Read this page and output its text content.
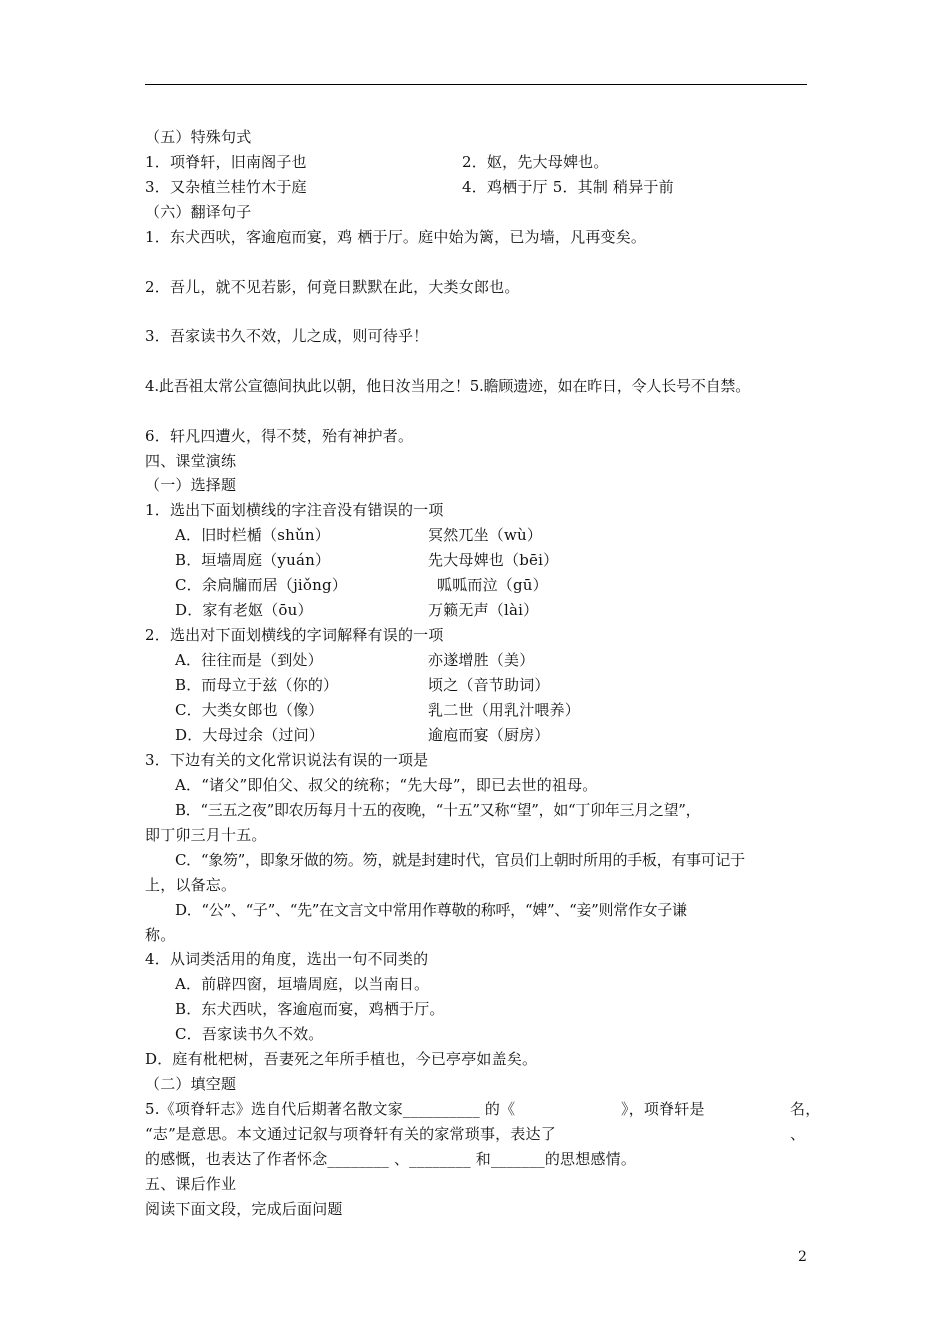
（五）特殊句式
1．项脊轩，旧南阁子也	2．妪，先大母婢也。
3．又杂植兰桂竹木于庭	4．鸡栖于厅 5．其制 稍异于前
（六）翻译句子
1．东犬西吠，客逾庖而宴，鸡 栖于厅。庭中始为篱，已为墙，凡再变矣。
2．吾儿，就不见若影，何竟日默默在此，大类女郎也。
3．吾家读书久不效，儿之成，则可待乎！
4.此吾祖太常公宣德间执此以朝，他日汝当用之！5.瞻顾遗迹，如在昨日，令人长号不自禁。
6．轩凡四遭火，得不焚，殆有神护者。
四、课堂演练
（一）选择题
1．选出下面划横线的字注音没有错误的一项
A．旧时栏楯（shǔn）	冥然兀坐（wù）
B．垣墙周庭（yuán）	先大母婢也（bēi）
C．余扃牖而居（jiǒng）	呱呱而泣（gū）
D．家有老妪（ōu）	万籁无声（lài）
2．选出对下面划横线的字词解释有误的一项
A．往往而是（到处）	亦遂增胜（美）
B．而母立于兹（你的）	顷之（音节助词）
C．大类女郎也（像）	乳二世（用乳汁喂养）
D．大母过余（过问）	逾庖而宴（厨房）
3．下边有关的文化常识说法有误的一项是
A．“诸父”即伯父、叔父的统称；“先大母”，即已去世的祖母。
B．“三五之夜”即农历每月十五的夜晚，“十五”又称“望”，如“丁卯年三月之望”，
即丁卯三月十五。
C．“象笏”，即象牙做的笏。笏，就是封建时代，官员们上朝时所用的手板，有事可记于
上，以备忘。
D．“公”、“子”、“先”在文言文中常用作尊敬的称呼，“婢”、“妾”则常作女子谦
称。
4．从词类活用的角度，选出一句不同类的
A．前辟四窗，垣墙周庭，以当南日。
B．东犬西吠，客逾庖而宴，鸡栖于厅。
C．吾家读书久不效。
D．庭有枇杷树，吾妻死之年所手植也，今已亭亭如盖矣。
（二）填空题
5.《项脊轩志》选自代后期著名散文家__________ 的《	》，项脊轩是	名，
“志”是意思。本文通过记叙与项脊轩有关的家常琐事，表达了	、
的感慨，也表达了作者怀念________ 、________ 和_______的思想感情。
五、课后作业
阅读下面文段，完成后面问题
2
